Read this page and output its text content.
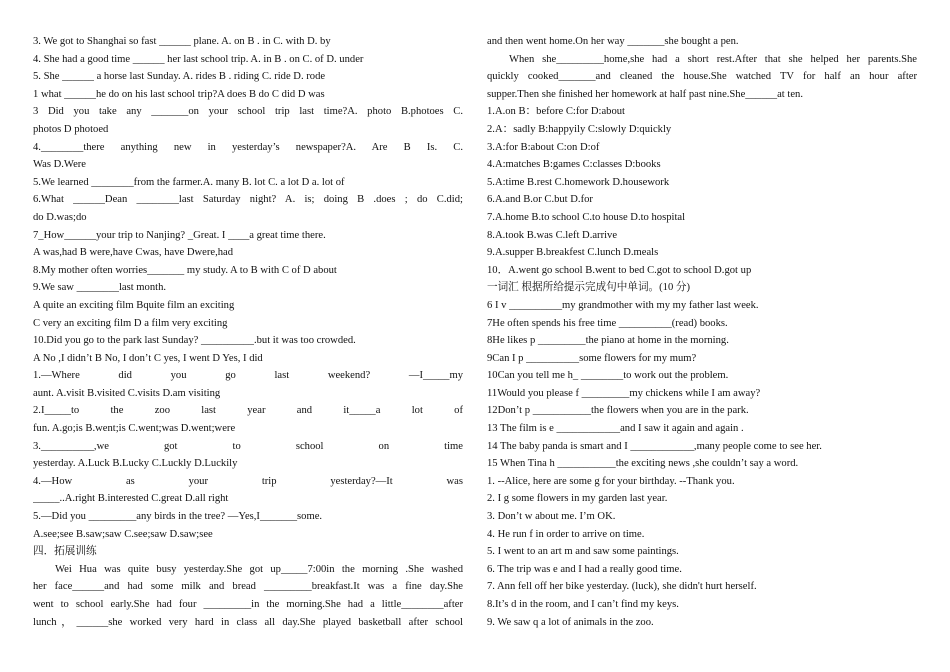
3. We got to Shanghai so fast ______ plane. A. on B . in C. with D. by
4. She had a good time ______ her last school trip. A. in B . on C. of D. under
5. She ______ a horse last Sunday. A. rides B . riding C. ride D. rode
1 what ______he do on his last school trip?A does B do C did D was
3 Did you take any _______on your school trip last time?A. photo B.photoes C.
photos D photoed
4.________there anything new in yesterday’s newspaper?A. Are B Is. C.
Was D.Were
5.We learned ________from the farmer.A. many B. lot C. a lot D a. lot of
6.What ______Dean ________last Saturday night? A. is; doing B .does ; do C.did;
do D.was;do
7_How______your trip to Nanjing? _Great. I ____a great time there.
A was,had B were,have Cwas, have Dwere,had
8.My mother often worries_______ my study. A to B with C of D about
9.We saw ________last month.
A quite an exciting film Bquite film an exciting
C very an exciting film D a film very exciting
10.Did you go to the park last Sunday? __________.but it was too crowded.
A No ,I didn’t B No, I don’t C yes, I went D Yes, I did
1.—Where did you go last weekend? —I_____my
aunt. A.visit B.visited C.visits D.am visiting
2.I_____to the zoo last year and it_____a lot of
fun. A.go;is B.went;is C.went;was D.went;were
3.__________,we got to school on time
yesterday. A.Luck B.Lucky C.Luckly D.Luckily
4.—How as your trip yesterday?—It was
_____..A.right B.interested C.great D.all right
5.—Did you _________any birds in the tree? —Yes,I_______some.
A.see;see B.saw;saw C.see;saw D.saw;see
四．拓展训练
Wei Hua was quite busy yesterday.She got up_____7:00in the morning .She washed
her face______and had some milk and bread _________breakfast.It was a fine day.She
went to school early.She had four _________in the morning.She had a little________after
lunch，______she worked very hard in class all day.She played basketball after school
and then went home.On her way _______she bought a pen.
When she_________home,she had a short rest.After that she helped her parents.She
quickly cooked_______and cleaned the house.She watched TV for half an hour after
supper.Then she finished her homework at half past nine.She______at ten.
1.A.on B：before C:for D:about
2.A：sadly B:happyily C:slowly D:quickly
3.A:for B:about C:on D:of
4.A:matches B:games C:classes D:books
5.A:time B.rest C.homework D.housework
6.A.and B.or C.but D.for
7.A.home B.to school C.to house D.to hospital
8.A.took B.was C.left D.arrive
9.A.supper B.breakfest C.lunch D.meals
10．A.went go school B.went to bed C.got to school D.got up
一词汇 根据所给提示完成句中单词。(10 分)
6 I v __________my grandmother with my my father last week.
7He often spends his free time __________(read) books.
8He likes p _________the piano at home in the morning.
9Can I p __________some flowers for my mum?
10Can you tell me h_ ________to work out the problem.
11Would you please f _________my chickens while I am away?
12Don’t p ___________the flowers when you are in the park.
13 The film is e ____________and I saw it again and again .
14 The baby panda is smart and I ____________,many people come to see her.
15 When Tina h ___________the exciting news ,she couldn’t say a word.
1. --Alice, here are some g for your birthday. --Thank you.
2. I g some flowers in my garden last year.
3. Don’t w about me. I’m OK.
4. He run f in order to arrive on time.
5. I went to an art m and saw some paintings.
6. The trip was e and I had a really good time.
7. Ann fell off her bike yesterday. (luck), she didn't hurt herself.
8.It’s d in the room, and I can’t find my keys.
9. We saw q a lot of animals in the zoo.
